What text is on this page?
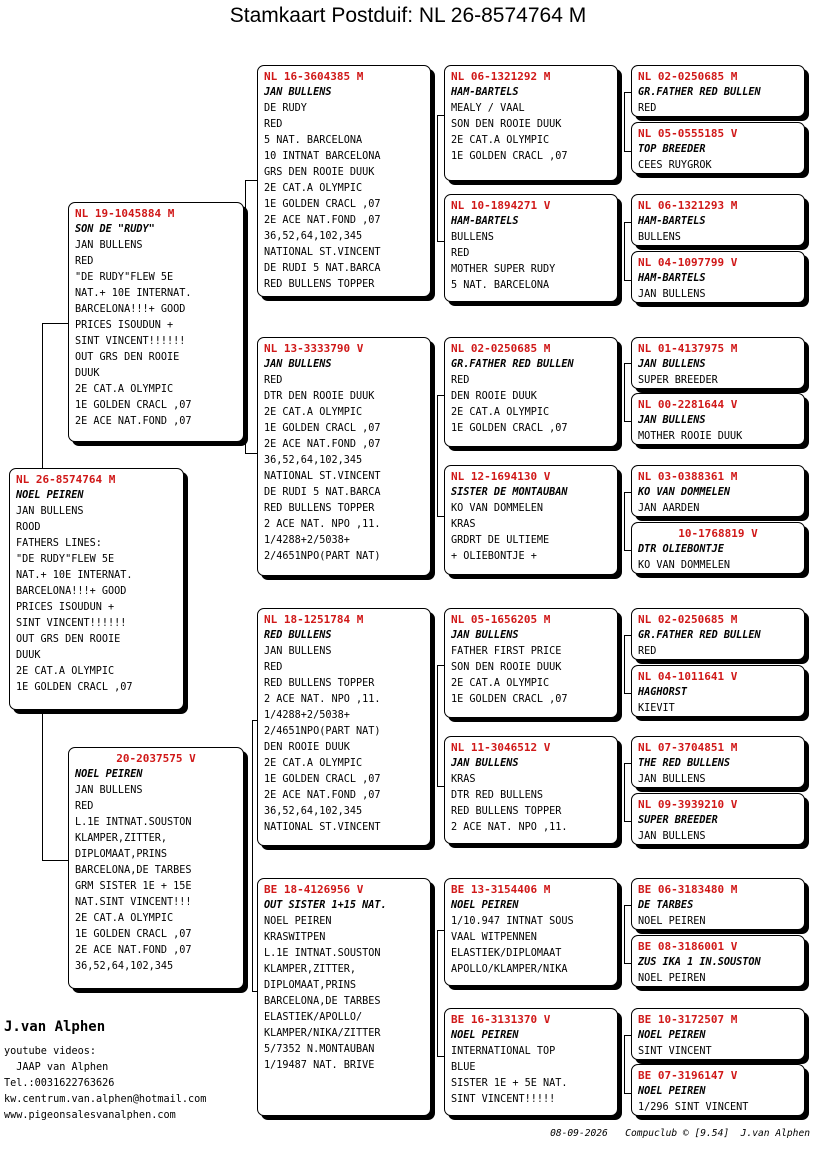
Stamkaart Postduif: NL 26-8574764 M
NL 26-8574764 M
NOEL PEIREN
JAN BULLENS
ROOD
FATHERS LINES:
"DE RUDY"FLEW 5E
NAT.+ 10E INTERNAT.
BARCELONA!!!+ GOOD
PRICES ISOUDUN +
SINT VINCENT!!!!!!
OUT GRS DEN ROOIE
DUUK
2E CAT.A OLYMPIC
1E GOLDEN CRACL ,07
NL 19-1045884 M
SON DE "RUDY"
JAN BULLENS
RED
"DE RUDY"FLEW 5E
NAT.+ 10E INTERNAT.
BARCELONA!!!+ GOOD
PRICES ISOUDUN +
SINT VINCENT!!!!!!
OUT GRS DEN ROOIE
DUUK
2E CAT.A OLYMPIC
1E GOLDEN CRACL ,07
2E ACE NAT.FOND ,07
20-2037575 V
NOEL PEIREN
JAN BULLENS
RED
L.1E INTNAT.SOUSTON
KLAMPER,ZITTER,
DIPLOMAAT,PRINS
BARCELONA,DE TARBES
GRM SISTER 1E + 15E
NAT.SINT VINCENT!!!
2E CAT.A OLYMPIC
1E GOLDEN CRACL ,07
2E ACE NAT.FOND ,07
36,52,64,102,345
NL 16-3604385 M
JAN BULLENS
DE RUDY
RED
5 NAT. BARCELONA
10 INTNAT BARCELONA
GRS DEN ROOIE DUUK
2E CAT.A OLYMPIC
1E GOLDEN CRACL ,07
2E ACE NAT.FOND ,07
36,52,64,102,345
NATIONAL ST.VINCENT
DE RUDI 5 NAT.BARCA
RED BULLENS TOPPER
NL 13-3333790 V
JAN BULLENS
RED
DTR DEN ROOIE DUUK
2E CAT.A OLYMPIC
1E GOLDEN CRACL ,07
2E ACE NAT.FOND ,07
36,52,64,102,345
NATIONAL ST.VINCENT
DE RUDI 5 NAT.BARCA
RED BULLENS TOPPER
2 ACE NAT. NPO ,11.
1/4288+2/5038+
2/4651NPO(PART NAT)
NL 18-1251784 M
RED BULLENS
JAN BULLENS
RED
RED BULLENS TOPPER
2 ACE NAT. NPO ,11.
1/4288+2/5038+
2/4651NPO(PART NAT)
DEN ROOIE DUUK
2E CAT.A OLYMPIC
1E GOLDEN CRACL ,07
2E ACE NAT.FOND ,07
36,52,64,102,345
NATIONAL ST.VINCENT
BE 18-4126956 V
OUT SISTER 1+15 NAT.
NOEL PEIREN
KRASWITPEN
L.1E INTNAT.SOUSTON
KLAMPER,ZITTER,
DIPLOMAAT,PRINS
BARCELONA,DE TARBES
ELASTIEK/APOLLO/
KLAMPER/NIKA/ZITTER
5/7352 N.MONTAUBAN
1/19487 NAT. BRIVE
NL 06-1321292 M
HAM-BARTELS
MEALY / VAAL
SON DEN ROOIE DUUK
2E CAT.A OLYMPIC
1E GOLDEN CRACL ,07
NL 10-1894271 V
HAM-BARTELS
BULLENS
RED
MOTHER SUPER RUDY
5 NAT. BARCELONA
NL 02-0250685 M
GR.FATHER RED BULLEN
RED
DEN ROOIE DUUK
2E CAT.A OLYMPIC
1E GOLDEN CRACL ,07
NL 12-1694130 V
SISTER DE MONTAUBAN
KO VAN DOMMELEN
KRAS
GRDRT DE ULTIEME
+ OLIEBONTJE +
NL 05-1656205 M
JAN BULLENS
FATHER FIRST PRICE
SON DEN ROOIE DUUK
2E CAT.A OLYMPIC
1E GOLDEN CRACL ,07
NL 11-3046512 V
JAN BULLENS
KRAS
DTR RED BULLENS
RED BULLENS TOPPER
2 ACE NAT. NPO ,11.
BE 13-3154406 M
NOEL PEIREN
1/10.947 INTNAT SOUS
VAAL WITPENNEN
ELASTIEK/DIPLOMAAT
APOLLO/KLAMPER/NIKA
BE 16-3131370 V
NOEL PEIREN
INTERNATIONAL TOP
BLUE
SISTER 1E + 5E NAT.
SINT VINCENT!!!!!
NL 02-0250685 M
GR.FATHER RED BULLEN
RED
NL 05-0555185 V
TOP BREEDER
CEES RUYGROK
NL 06-1321293 M
HAM-BARTELS
BULLENS
NL 04-1097799 V
HAM-BARTELS
JAN BULLENS
NL 01-4137975 M
JAN BULLENS
SUPER BREEDER
NL 00-2281644 V
JAN BULLENS
MOTHER ROOIE DUUK
NL 03-0388361 M
KO VAN DOMMELEN
JAN AARDEN
10-1768819 V
DTR OLIEBONTJE
KO VAN DOMMELEN
NL 02-0250685 M
GR.FATHER RED BULLEN
RED
NL 04-1011641 V
HAGHORST
KIEVIT
NL 07-3704851 M
THE RED BULLENS
JAN BULLENS
NL 09-3939210 V
SUPER BREEDER
JAN BULLENS
BE 06-3183480 M
DE TARBES
NOEL PEIREN
BE 08-3186001 V
ZUS IKA 1 IN.SOUSTON
NOEL PEIREN
BE 10-3172507 M
NOEL PEIREN
SINT VINCENT
BE 07-3196147 V
NOEL PEIREN
1/296 SINT VINCENT
J.van Alphen
youtube videos:
JAAP van Alphen
Tel.:0031622763626
kw.centrum.van.alphen@hotmail.com
www.pigeonsalesvanalphen.com
08-09-2026   Compuclub © [9.54]  J.van Alphen
